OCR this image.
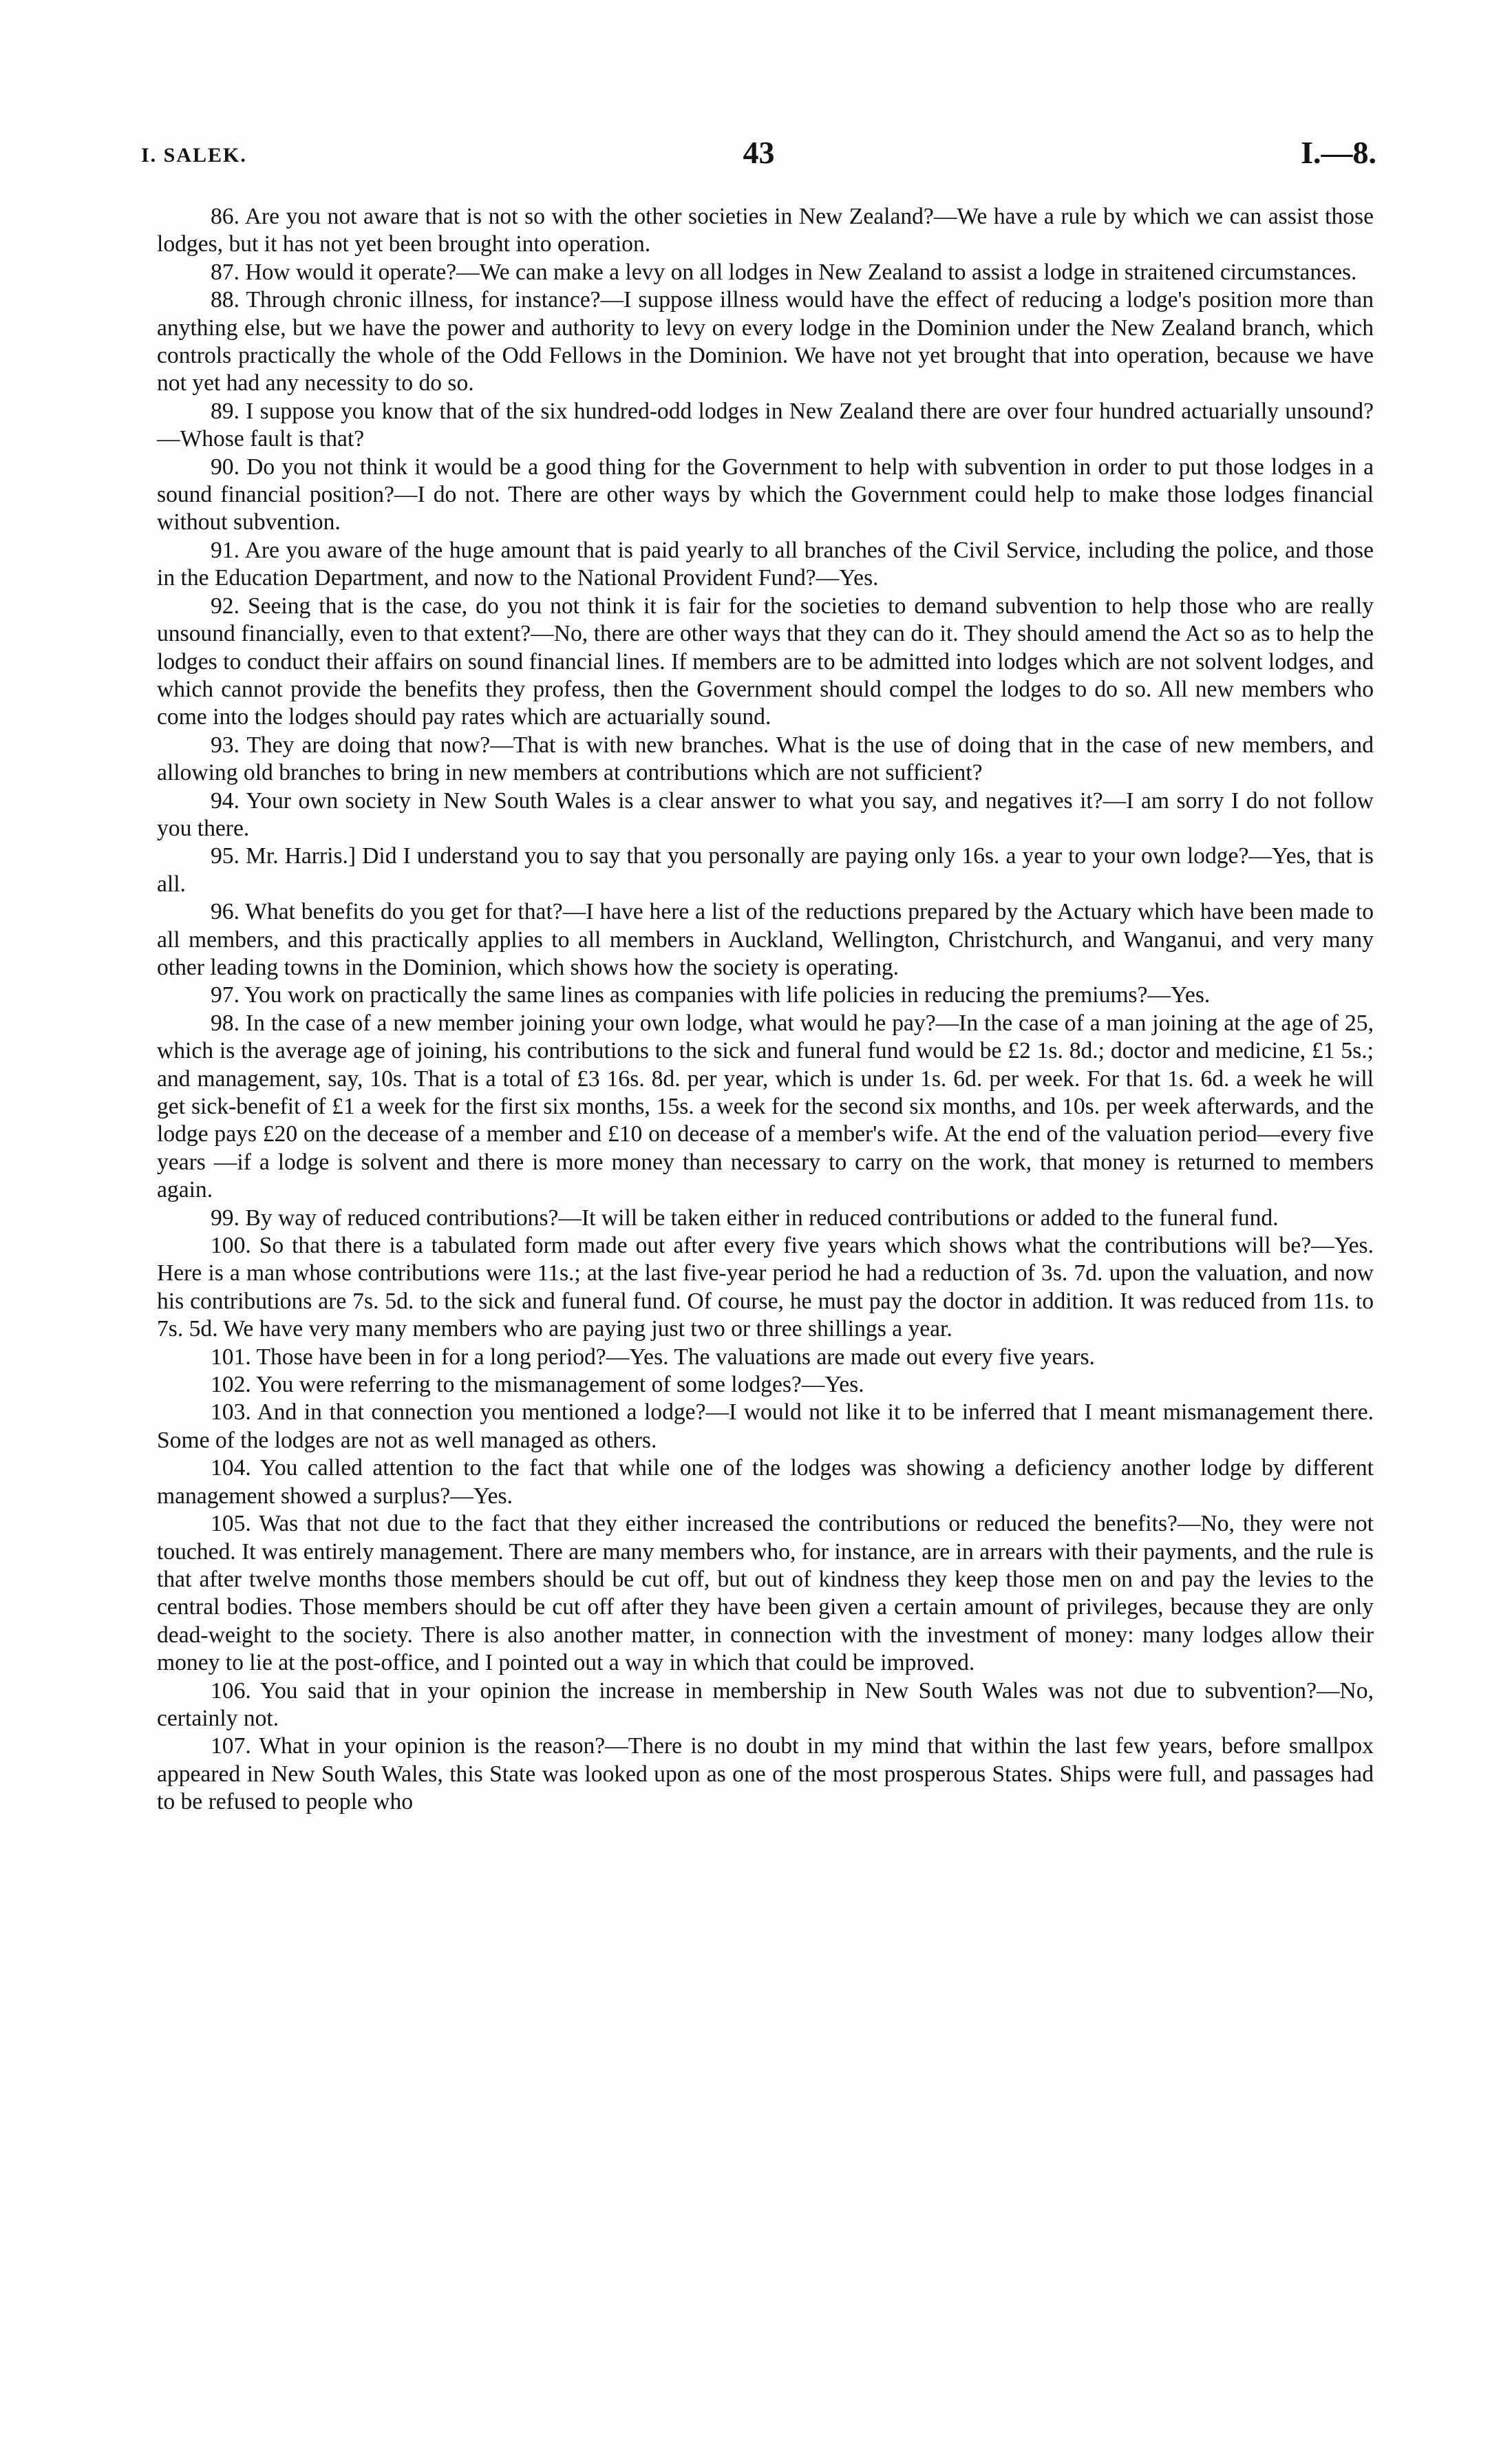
I. SALEK.	43	I.—8.

86. Are you not aware that is not so with the other societies in New Zealand?—We have a rule by which we can assist those lodges, but it has not yet been brought into operation.

87. How would it operate?—We can make a levy on all lodges in New Zealand to assist a lodge in straitened circumstances.

88. Through chronic illness, for instance?—I suppose illness would have the effect of reducing a lodge's position more than anything else, but we have the power and authority to levy on every lodge in the Dominion under the New Zealand branch, which controls practically the whole of the Odd Fellows in the Dominion. We have not yet brought that into operation, because we have not yet had any necessity to do so.

89. I suppose you know that of the six hundred-odd lodges in New Zealand there are over four hundred actuarially unsound?—Whose fault is that?

90. Do you not think it would be a good thing for the Government to help with subvention in order to put those lodges in a sound financial position?—I do not. There are other ways by which the Government could help to make those lodges financial without subvention.

91. Are you aware of the huge amount that is paid yearly to all branches of the Civil Service, including the police, and those in the Education Department, and now to the National Provident Fund?—Yes.

92. Seeing that is the case, do you not think it is fair for the societies to demand subvention to help those who are really unsound financially, even to that extent?—No, there are other ways that they can do it. They should amend the Act so as to help the lodges to conduct their affairs on sound financial lines. If members are to be admitted into lodges which are not solvent lodges, and which cannot provide the benefits they profess, then the Government should compel the lodges to do so. All new members who come into the lodges should pay rates which are actuarially sound.

93. They are doing that now?—That is with new branches. What is the use of doing that in the case of new members, and allowing old branches to bring in new members at contributions which are not sufficient?

94. Your own society in New South Wales is a clear answer to what you say, and negatives it?—I am sorry I do not follow you there.

95. Mr. Harris.] Did I understand you to say that you personally are paying only 16s. a year to your own lodge?—Yes, that is all.

96. What benefits do you get for that?—I have here a list of the reductions prepared by the Actuary which have been made to all members, and this practically applies to all members in Auckland, Wellington, Christchurch, and Wanganui, and very many other leading towns in the Dominion, which shows how the society is operating.

97. You work on practically the same lines as companies with life policies in reducing the premiums?—Yes.

98. In the case of a new member joining your own lodge, what would he pay?—In the case of a man joining at the age of 25, which is the average age of joining, his contributions to the sick and funeral fund would be £2 1s. 8d.; doctor and medicine, £1 5s.; and management, say, 10s. That is a total of £3 16s. 8d. per year, which is under 1s. 6d. per week. For that 1s. 6d. a week he will get sick-benefit of £1 a week for the first six months, 15s. a week for the second six months, and 10s. per week afterwards, and the lodge pays £20 on the decease of a member and £10 on decease of a member's wife. At the end of the valuation period—every five years —if a lodge is solvent and there is more money than necessary to carry on the work, that money is returned to members again.

99. By way of reduced contributions?—It will be taken either in reduced contributions or added to the funeral fund.

100. So that there is a tabulated form made out after every five years which shows what the contributions will be?—Yes. Here is a man whose contributions were 11s.; at the last five-year period he had a reduction of 3s. 7d. upon the valuation, and now his contributions are 7s. 5d. to the sick and funeral fund. Of course, he must pay the doctor in addition. It was reduced from 11s. to 7s. 5d. We have very many members who are paying just two or three shillings a year.

101. Those have been in for a long period?—Yes. The valuations are made out every five years.

102. You were referring to the mismanagement of some lodges?—Yes.

103. And in that connection you mentioned a lodge?—I would not like it to be inferred that I meant mismanagement there. Some of the lodges are not as well managed as others.

104. You called attention to the fact that while one of the lodges was showing a deficiency another lodge by different management showed a surplus?—Yes.

105. Was that not due to the fact that they either increased the contributions or reduced the benefits?—No, they were not touched. It was entirely management. There are many members who, for instance, are in arrears with their payments, and the rule is that after twelve months those members should be cut off, but out of kindness they keep those men on and pay the levies to the central bodies. Those members should be cut off after they have been given a certain amount of privileges, because they are only dead-weight to the society. There is also another matter, in connection with the investment of money: many lodges allow their money to lie at the post-office, and I pointed out a way in which that could be improved.

106. You said that in your opinion the increase in membership in New South Wales was not due to subvention?—No, certainly not.

107. What in your opinion is the reason?—There is no doubt in my mind that within the last few years, before smallpox appeared in New South Wales, this State was looked upon as one of the most prosperous States. Ships were full, and passages had to be refused to people who
